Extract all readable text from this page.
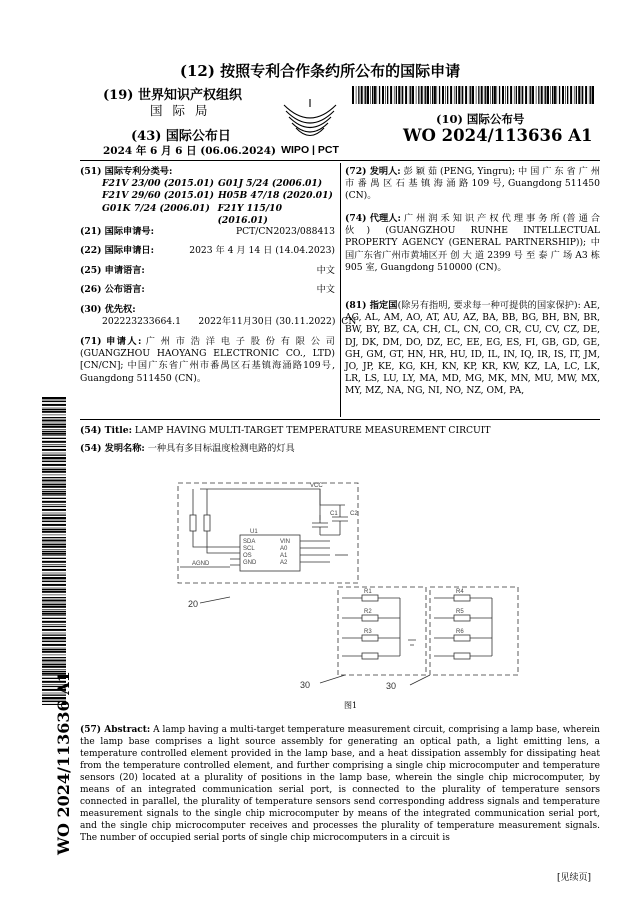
(12) 按照专利合作条约所公布的国际申请
(19) 世界知识产权组织
国 际 局
(43) 国际公布日
2024 年 6 月 6 日 (06.06.2024) WIPO | PCT
(10) 国际公布号
WO 2024/113636 A1
(51) 国际专利分类号:
F21V 23/00 (2015.01) G01J 5/24 (2006.01)
F21V 29/60 (2015.01) H05B 47/18 (2020.01)
G01K 7/24 (2006.01) F21Y 115/10 (2016.01)
(21) 国际申请号:	PCT/CN2023/088413
(22) 国际申请日:	2023 年 4 月 14 日 (14.04.2023)
(25) 申请语言:	中文
(26) 公布语言:	中文
(30) 优先权:
202223233664.1      2022年11月30日 (30.11.2022)  CN
(71) 申请人: 广 州 市 浩 洋 电 子 股 份 有 限 公 司 (GUANGZHOU HAOYANG ELECTRONIC CO., LTD) [CN/CN]; 中国广东省广州市番禺区石基镇海涌路109号, Guangdong 511450 (CN)。
(72) 发明人: 彭 颖 茹 (PENG, Yingru); 中 国 广 东 省 广 州 市 番 禺 区 石 基 镇 海 涌 路 109 号, Guangdong 511450 (CN)。
(74) 代理人: 广 州 润 禾 知 识 产 权 代 理 事 务 所 (普 通 合 伙) (GUANGZHOU RUNHE INTELLECTUAL PROPERTY AGENCY (GENERAL PARTNERSHIP)); 中国广东省广州市黄埔区开 创 大 道 2399 号 至 泰 广 场 A3 栋 905 室, Guangdong 510000 (CN)。
(81) 指定国(除另有指明, 要求每一种可提供的国家保护): AE, AG, AL, AM, AO, AT, AU, AZ, BA, BB, BG, BH, BN, BR, BW, BY, BZ, CA, CH, CL, CN, CO, CR, CU, CV, CZ, DE, DJ, DK, DM, DO, DZ, EC, EE, EG, ES, FI, GB, GD, GE, GH, GM, GT, HN, HR, HU, ID, IL, IN, IQ, IR, IS, IT, JM, JO, JP, KE, KG, KH, KN, KP, KR, KW, KZ, LA, LC, LK, LR, LS, LU, LY, MA, MD, MG, MK, MN, MU, MW, MX, MY, MZ, NA, NG, NI, NO, NZ, OM, PA,
(54) Title: LAMP HAVING MULTI-TARGET TEMPERATURE MEASUREMENT CIRCUIT
(54) 发明名称: 一种具有多目标温度检测电路的灯具
VCC
C1 C2
U1
SDA
SCL
OS
GND
VIN
A0
A1
A2
AGND
R1
R2
R3
R4
R5
R6
20
30	30
图1
(57) Abstract: A lamp having a multi-target temperature measurement circuit, comprising a lamp base, wherein the lamp base comprises a light source assembly for generating an optical path, a light emitting lens, a temperature controlled element provided in the lamp base, and a heat dissipation assembly for dissipating heat from the temperature controlled element, and further comprising a single chip microcomputer and temperature sensors (20) located at a plurality of positions in the lamp base, wherein the single chip microcomputer, by means of an integrated communication serial port, is connected to the plurality of temperature sensors connected in parallel, the plurality of temperature sensors send corresponding address signals and temperature measurement signals to the single chip microcomputer by means of the integrated communication serial port, and the single chip microcomputer receives and processes the plurality of temperature measurement signals. The number of occupied serial ports of single chip microcomputers in a circuit is
WO 2024/113636 A1
[见续页]
